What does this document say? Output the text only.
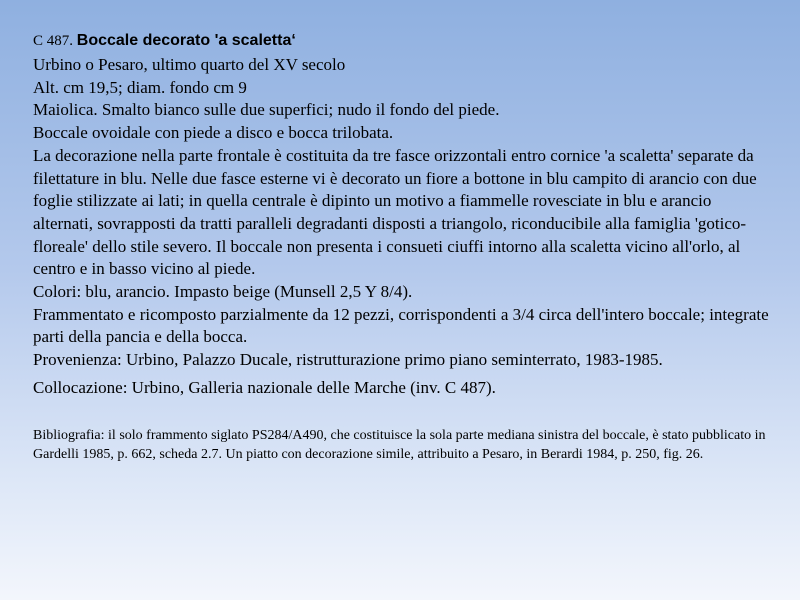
C 487. Boccale decorato 'a scaletta‘

Urbino o Pesaro, ultimo quarto del XV secolo

Alt. cm 19,5; diam. fondo cm 9

Maiolica. Smalto bianco sulle due superfici; nudo il fondo del piede.

Boccale ovoidale con piede a disco e bocca trilobata.

La decorazione nella parte frontale è costituita da tre fasce orizzontali entro cornice 'a scaletta' separate da filettature in blu. Nelle due fasce esterne vi è decorato un fiore a bottone in blu campito di arancio con due foglie stilizzate ai lati; in quella centrale è dipinto un motivo a fiammelle rovesciate in blu e arancio alternati, sovrapposti da tratti paralleli degradanti disposti a triangolo, riconducibile alla famiglia 'gotico-floreale' dello stile severo. Il boccale non presenta i consueti ciuffi intorno alla scaletta vicino all'orlo, al centro e in basso vicino al piede.

Colori: blu, arancio. Impasto beige (Munsell 2,5 Y 8/4).

Frammentato e ricomposto parzialmente da 12 pezzi, corrispondenti a 3/4 circa dell'intero boccale; integrate parti della pancia e della bocca.

Provenienza: Urbino, Palazzo Ducale, ristrutturazione primo piano seminterrato, 1983-1985.

Collocazione: Urbino, Galleria nazionale delle Marche (inv. C 487).

Bibliografia: il solo frammento siglato PS284/A490, che costituisce la sola parte mediana sinistra del boccale, è stato pubblicato in Gardelli 1985, p. 662, scheda 2.7. Un piatto con decorazione simile, attribuito a Pesaro, in Berardi 1984, p. 250, fig. 26.
